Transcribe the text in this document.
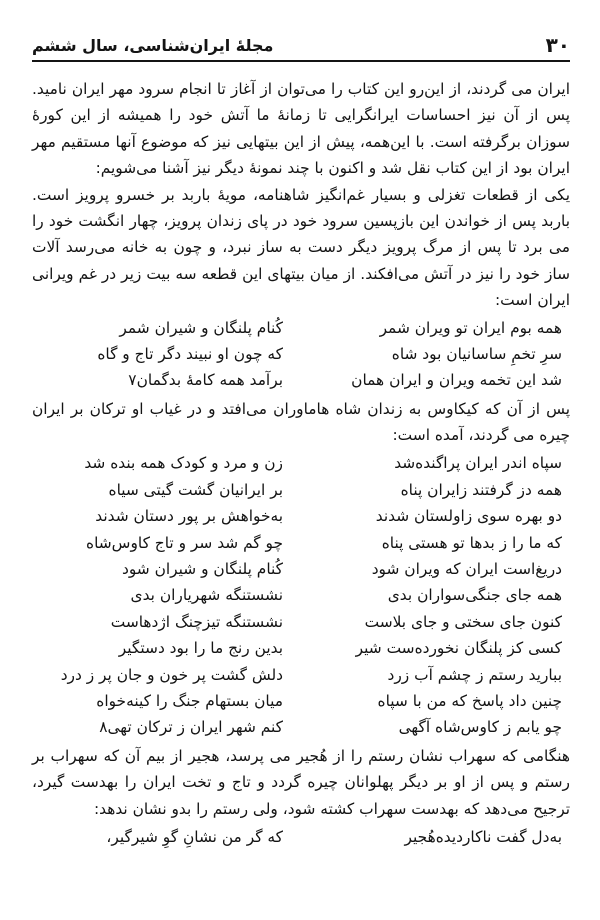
۳۰
مجلهٔ ایران‌شناسی، سال ششم
ایران می گردند، از این‌رو این کتاب را می‌توان از آغاز تا انجام سرود مهر ایران نامید. پس از آن نیز احساسات ایرانگرایی تا زمانهٔ ما آتش خود را همیشه از این کورهٔ سوزان برگرفته است. با این‌همه، پیش از این بیتهایی نیز که موضوع آنها مستقیم مهر ایران بود از این کتاب نقل شد و اکنون با چند نمونهٔ دیگر نیز آشنا می‌شویم:
یکی از قطعات تغزلی و بسیار غم‌انگیز شاهنامه، مویهٔ باربد بر خسرو پرویز است. باربد پس از خواندن این بازپسین سرود خود در پای زندان پرویز، چهار انگشت خود را می برد تا پس از مرگ پرویز دیگر دست به ساز نبرد، و چون به خانه می‌رسد آلات ساز خود را نیز در آتش می‌افکند. از میان بیتهای این قطعه سه بیت زیر در غم ویرانی ایران است:
همه بوم ایران تو ویران شمر
کُنام پلنگان و شیران شمر
سرِ تخمِ ساسانیان بود شاه
که چون او نبیند دگر تاج و گاه
شد این تخمه ویران و ایران همان
برآمد همه کامهٔ بدگمان۷
پس از آن که کیکاوس به زندان شاه هاماوران می‌افتد و در غیاب او ترکان بر ایران چیره می گردند، آمده است:
سپاه اندر ایران پراگنده‌شد
زن و مرد و کودک همه بنده شد
همه دز گرفتند زایران پناه
بر ایرانیان گشت گیتی سیاه
دو بهره سوی زاولستان شدند
به‌خواهش بر پور دستان شدند
که ما را ز بدها تو هستی پناه
چو گم شد سر و تاج کاوس‌شاه
دریغ‌است ایران که ویران شود
کُنام پلنگان و شیران شود
همه جای جنگی‌سواران بدی
نشستنگه شهریاران بدی
کنون جای سختی و جای بلاست
نشستنگه تیزچنگ اژدهاست
کسی کز پلنگان نخورده‌ست شیر
بدین رنج ما را بود دستگیر
ببارید رستم ز چشم آب زرد
دلش گشت پر خون و جان پر ز درد
چنین داد پاسخ که من با سپاه
میان بستهام جنگ را کینه‌خواه
چو یابم ز کاوس‌شاه آگهی
کنم شهر ایران ز ترکان تهی۸
هنگامی که سهراب نشان رستم را از هُجیر می پرسد، هجیر از بیم آن که سهراب بر رستم و پس از او بر دیگر پهلوانان چیره گردد و تاج و تخت ایران را بهدست گیرد، ترجیح می‌دهد که بهدست سهراب کشته شود، ولی رستم را بدو نشان ندهد:
به‌دل گفت ناکاردیده‌هُجیر
که گر من نشانِ گوِ شیرگیر،
